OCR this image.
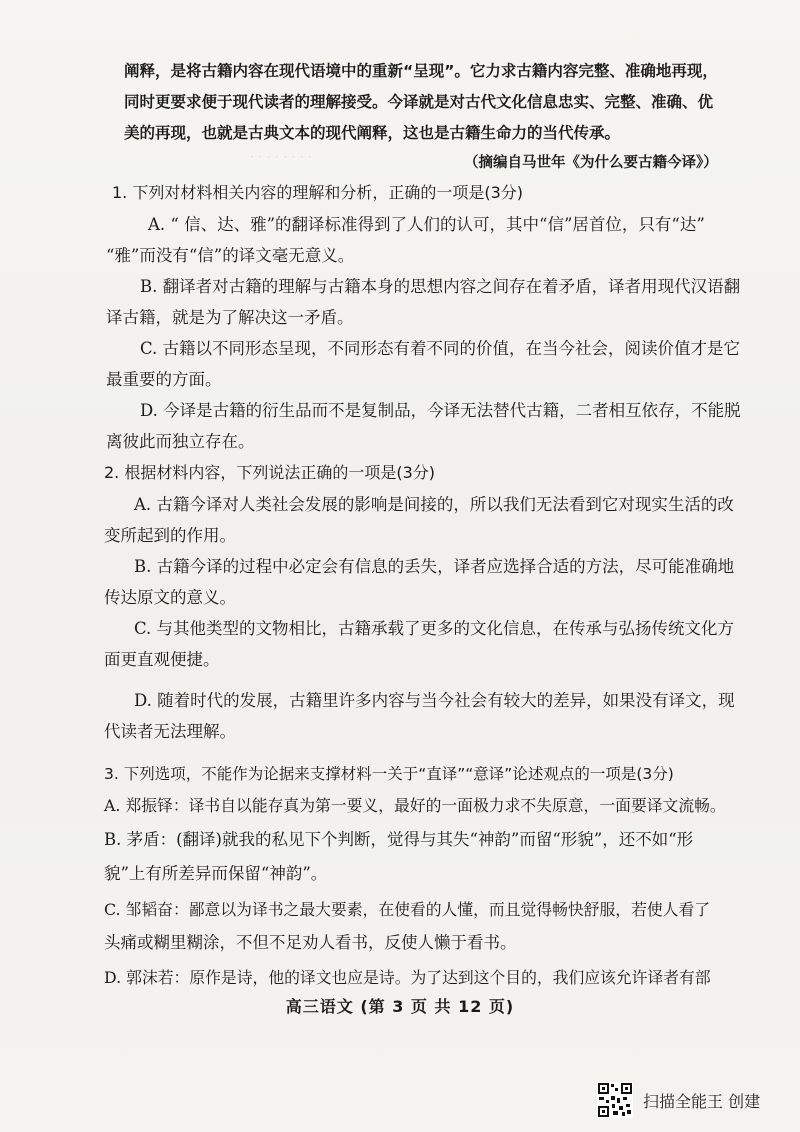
· · · · · · · ·
阐释，是将古籍内容在现代语境中的重新“呈现”。它力求古籍内容完整、准确地再现，
同时更要求便于现代读者的理解接受。今译就是对古代文化信息忠实、完整、准确、优
美的再现，也就是古典文本的现代阐释，这也是古籍生命力的当代传承。
（摘编自马世年《为什么要古籍今译》）
1. 下列对材料相关内容的理解和分析，正确的一项是(3分)
A. “ 信、达、雅”的翻译标准得到了人们的认可，其中“信”居首位，只有“达”
“雅”而没有“信”的译文毫无意义。
B. 翻译者对古籍的理解与古籍本身的思想内容之间存在着矛盾，译者用现代汉语翻
译古籍，就是为了解决这一矛盾。
C. 古籍以不同形态呈现，不同形态有着不同的价值，在当今社会，阅读价值才是它
最重要的方面。
D. 今译是古籍的衍生品而不是复制品，今译无法替代古籍，二者相互依存，不能脱
离彼此而独立存在。
2. 根据材料内容，下列说法正确的一项是(3分)
A. 古籍今译对人类社会发展的影响是间接的，所以我们无法看到它对现实生活的改
变所起到的作用。
B. 古籍今译的过程中必定会有信息的丢失，译者应选择合适的方法，尽可能准确地
传达原文的意义。
C. 与其他类型的文物相比，古籍承载了更多的文化信息，在传承与弘扬传统文化方
面更直观便捷。
D. 随着时代的发展，古籍里许多内容与当今社会有较大的差异，如果没有译文，现
代读者无法理解。
3. 下列选项，不能作为论据来支撑材料一关于“直译”“意译”论述观点的一项是(3分)
A. 郑振铎：译书自以能存真为第一要义，最好的一面极力求不失原意，一面要译文流畅。
B. 茅盾：(翻译)就我的私见下个判断，觉得与其失“神韵”而留“形貌”，还不如“形
貌”上有所差异而保留“神韵”。
C. 邹韬奋：鄙意以为译书之最大要素，在使看的人懂，而且觉得畅快舒服，若使人看了
头痛或糊里糊涂，不但不足劝人看书，反使人懒于看书。
D. 郭沫若：原作是诗，他的译文也应是诗。为了达到这个目的，我们应该允许译者有部
高三语文 (第 3 页 共 12 页)
扫描全能王 创建
